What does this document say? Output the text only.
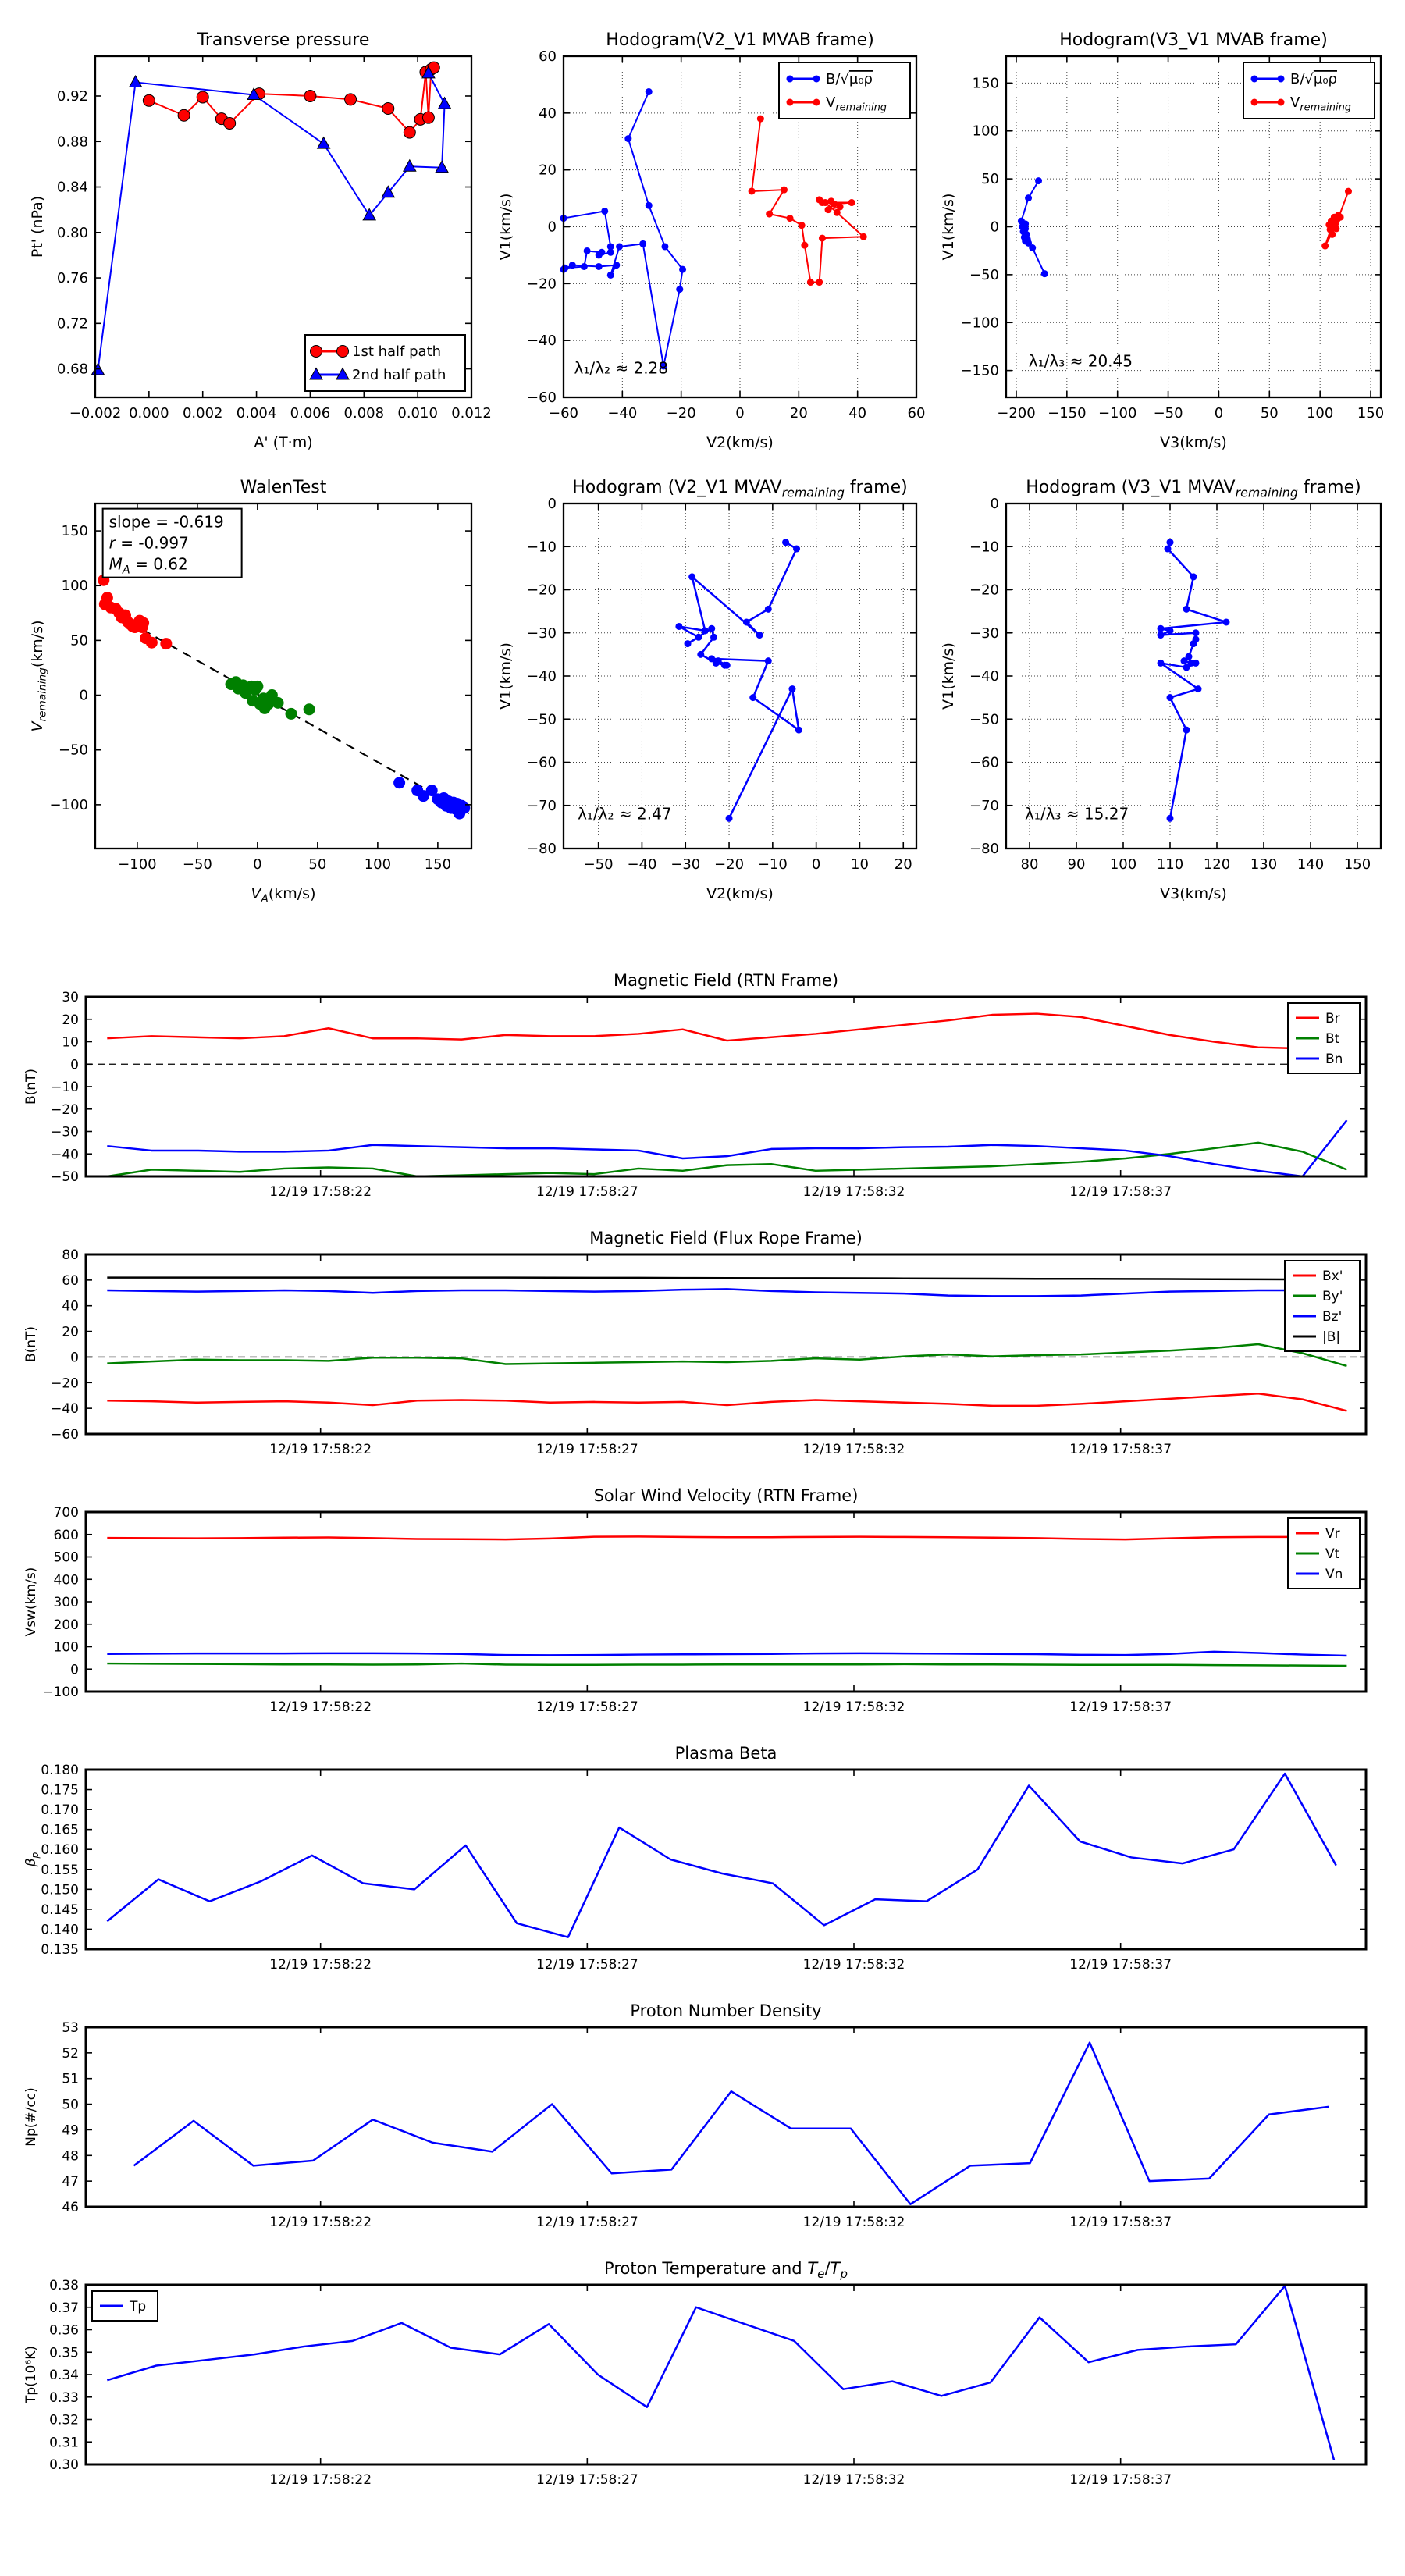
−0.002 0.000 0.002 0.004 0.006 0.008 0.010 0.012
0.68
0.72
0.76
0.80
0.84
0.88
0.92
Transverse pressure
A' (T·m)
Pt' (nPa)
1st half path
2nd half path
−60 −40 −20	0	20	40	60
−60
−40
−20
0
20
40
60
Hodogram(V2_V1 MVAB frame)
V2(km/s)
V1(km/s)
λ₁/λ₂ ≈ 2.28
B/√μ₀ρ
$V_{remaining}$
−200 −150 −100 −50 0	50 100 150
−150
−100
−50
0
50
100
150
Hodogram(V3_V1 MVAB frame)
V3(km/s)
V1(km/s)
λ₁/λ₃ ≈ 20.45
B/√μ₀ρ
$V_{remaining}$
−100 −50	0	50	100 150
−100
−50
0
50
100
150
WalenTest
$V_A(km/s)$
$V_{remaining}(km/s)$
slope = -0.619
r = -0.997
$M_A = 0.62$
−50 −40 −30 −20 −10 0 10 20
−80
−70
−60
−50
−40
−30
−20
−10
0
Hodogram (V2_V1 $MVAV_{remaining}$ frame)
V2(km/s)
V1(km/s)
λ₁/λ₂ ≈ 2.47
80 90 100 110 120 130 140 150
−80
−70
−60
−50
−40
−30
−20
−10
0
Hodogram (V3_V1 $MVAV_{remaining}$ frame)
V3(km/s)
V1(km/s)
λ₁/λ₃ ≈ 15.27
12/19 17:58:22	12/19 17:58:27	12/19 17:58:32	12/19 17:58:37
−50
−40
−30
−20
−10
0
10
20
30
Magnetic Field (RTN Frame)
B(nT)
Br
Bt
Bn
12/19 17:58:22	12/19 17:58:27	12/19 17:58:32	12/19 17:58:37
−60
−40
−20
0
20
40
60
80
Magnetic Field (Flux Rope Frame)
B(nT)
Bx'
By'
Bz'
|B|
12/19 17:58:22	12/19 17:58:27	12/19 17:58:32	12/19 17:58:37
−100
0
100
200
300
400
500
600
700
Solar Wind Velocity (RTN Frame)
Vsw(km/s)
Vr
Vt
Vn
12/19 17:58:22	12/19 17:58:27	12/19 17:58:32	12/19 17:58:37
0.135
0.140
0.145
0.150
0.155
0.160
0.165
0.170
0.175
0.180
Plasma Beta
$\beta_p$
12/19 17:58:22	12/19 17:58:27	12/19 17:58:32	12/19 17:58:37
46
47
48
49
50
51
52
53
Proton Number Density
Np(#/cc)
12/19 17:58:22	12/19 17:58:27	12/19 17:58:32	12/19 17:58:37
0.30
0.31
0.32
0.33
0.34
0.35
0.36
0.37
0.38
Proton Temperature and $T_e/T_p$
Tp(10⁶K)
Tp
